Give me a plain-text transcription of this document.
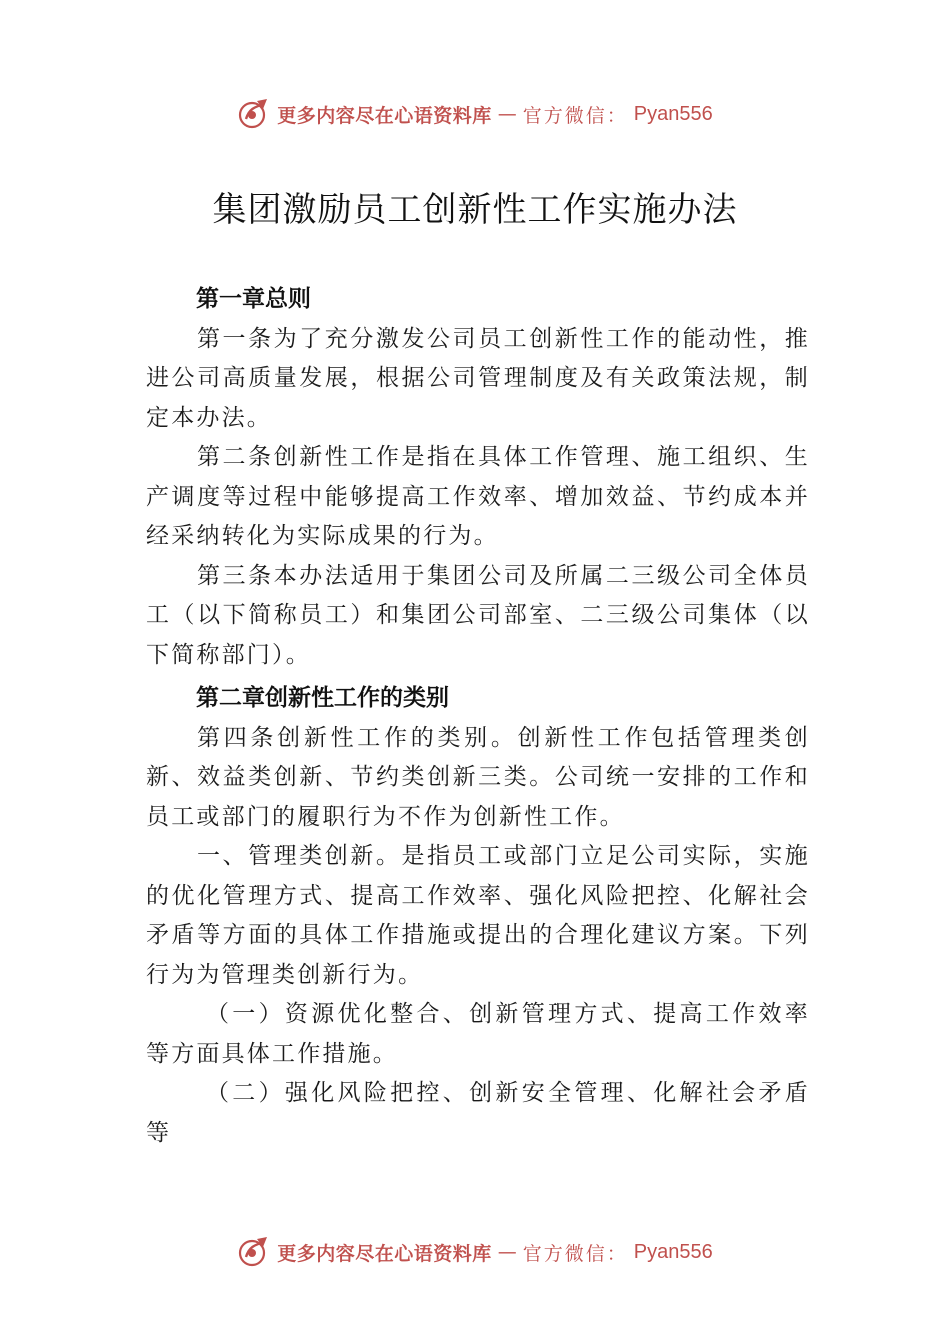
更多内容尽在心语资料库 — 官方微信： Pyan556
集团激励员工创新性工作实施办法

第一章总则

第一条为了充分激发公司员工创新性工作的能动性，推进公司高质量发展，根据公司管理制度及有关政策法规，制定本办法。

第二条创新性工作是指在具体工作管理、施工组织、生产调度等过程中能够提高工作效率、增加效益、节约成本并经采纳转化为实际成果的行为。

第三条本办法适用于集团公司及所属二三级公司全体员工（以下简称员工）和集团公司部室、二三级公司集体（以下简称部门）。

第二章创新性工作的类别

第四条创新性工作的类别。创新性工作包括管理类创新、效益类创新、节约类创新三类。公司统一安排的工作和员工或部门的履职行为不作为创新性工作。

一、管理类创新。是指员工或部门立足公司实际，实施的优化管理方式、提高工作效率、强化风险把控、化解社会矛盾等方面的具体工作措施或提出的合理化建议方案。下列行为为管理类创新行为。

（一）资源优化整合、创新管理方式、提高工作效率等方面具体工作措施。

（二）强化风险把控、创新安全管理、化解社会矛盾等

更多内容尽在心语资料库 — 官方微信： Pyan556
